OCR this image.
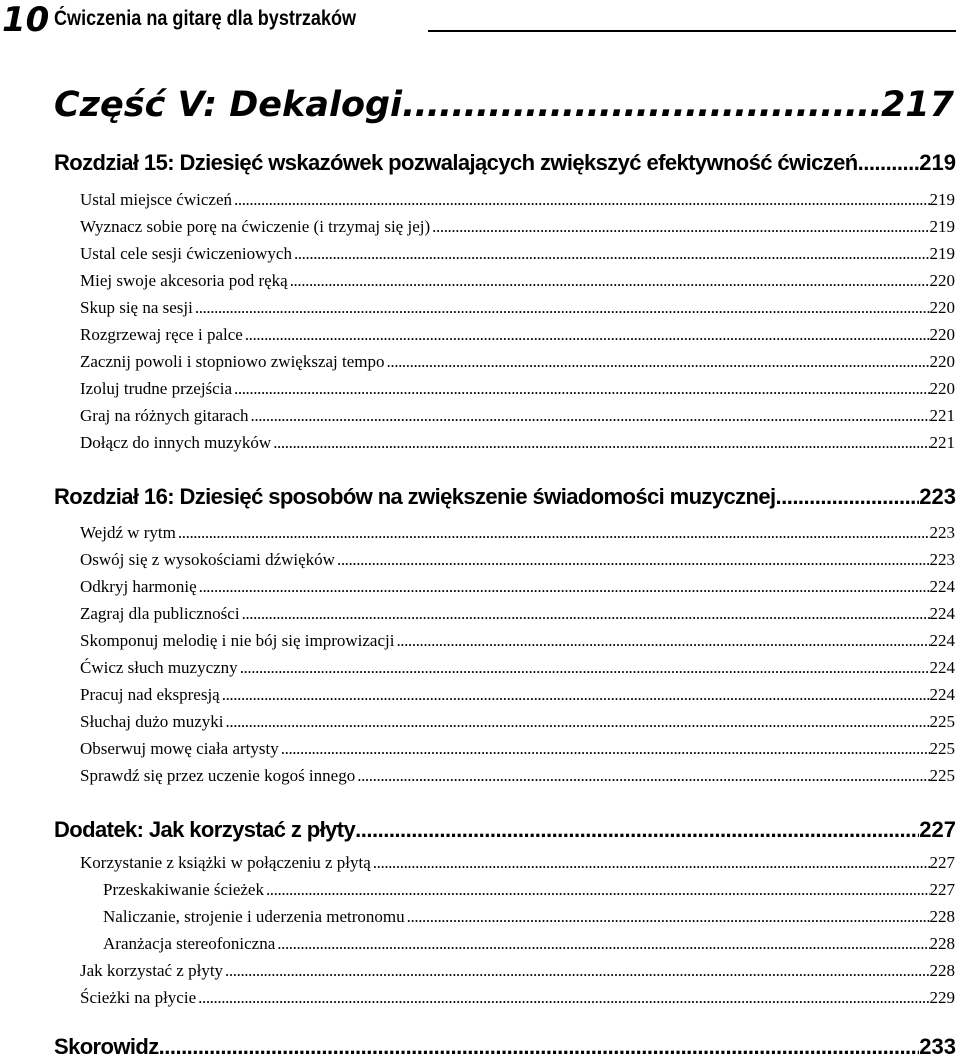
10 Ćwiczenia na gitarę dla bystrzaków
Część V: Dekalogi .....	217
Rozdział 15: Dziesięć wskazówek pozwalających zwiększyć efektywność ćwiczeń .....	219
Ustal miejsce ćwiczeń .....	219
Wyznacz sobie porę na ćwiczenie (i trzymaj się jej) .....	219
Ustal cele sesji ćwiczeniowych .....	219
Miej swoje akcesoria pod ręką .....	220
Skup się na sesji .....	220
Rozgrzewaj ręce i palce .....	220
Zacznij powoli i stopniowo zwiększaj tempo .....	220
Izoluj trudne przejścia .....	220
Graj na różnych gitarach .....	221
Dołącz do innych muzyków .....	221
Rozdział 16: Dziesięć sposobów na zwiększenie świadomości muzycznej .....	223
Wejdź w rytm .....	223
Oswój się z wysokościami dźwięków .....	223
Odkryj harmonię .....	224
Zagraj dla publiczności .....	224
Skomponuj melodię i nie bój się improwizacji .....	224
Ćwicz słuch muzyczny .....	224
Pracuj nad ekspresją .....	224
Słuchaj dużo muzyki .....	225
Obserwuj mowę ciała artysty .....	225
Sprawdź się przez uczenie kogoś innego .....	225
Dodatek: Jak korzystać z płyty .....	227
Korzystanie z książki w połączeniu z płytą .....	227
Przeskakiwanie ścieżek .....	227
Naliczanie, strojenie i uderzenia metronomu .....	228
Aranżacja stereofoniczna .....	228
Jak korzystać z płyty .....	228
Ścieżki na płycie .....	229
Skorowidz .....	233
